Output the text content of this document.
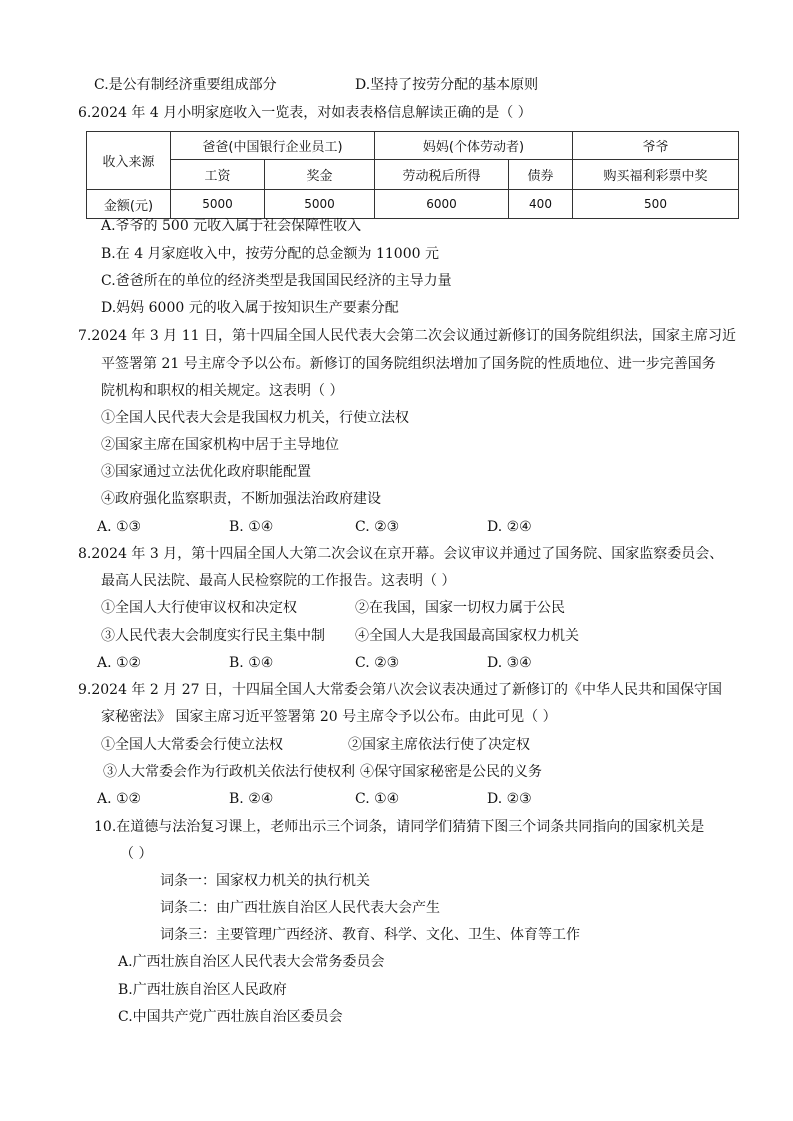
C.是公有制经济重要组成部分	D.坚持了按劳分配的基本原则
6.2024 年 4 月小明家庭收入一览表，对如表表格信息解读正确的是（ ）
收入来源	爸爸(中国银行企业员工)		妈妈(个体劳动者)		爷爷
	工资	奖金	劳动税后所得	债券	购买福利彩票中奖
金额(元)	5000	5000	6000	400	500
A.爷爷的 500 元收入属于社会保障性收入
B.在 4 月家庭收入中，按劳分配的总金额为 11000 元
C.爸爸所在的单位的经济类型是我国国民经济的主导力量
D.妈妈 6000 元的收入属于按知识生产要素分配
7.2024 年 3 月 11 日，第十四届全国人民代表大会第二次会议通过新修订的国务院组织法，国家主席习近
平签署第 21 号主席令予以公布。新修订的国务院组织法增加了国务院的性质地位、进一步完善国务
院机构和职权的相关规定。这表明（ ）
①全国人民代表大会是我国权力机关，行使立法权
②国家主席在国家机构中居于主导地位
③国家通过立法优化政府职能配置
④政府强化监察职责，不断加强法治政府建设
A. ①③	B. ①④	C. ②③	D. ②④
8.2024 年 3 月，第十四届全国人大第二次会议在京开幕。会议审议并通过了国务院、国家监察委员会、
最高人民法院、最高人民检察院的工作报告。这表明（ ）
①全国人大行使审议权和决定权	②在我国，国家一切权力属于公民
③人民代表大会制度实行民主集中制 ④全国人大是我国最高国家权力机关
A. ①②	B. ①④	C. ②③	D. ③④
9.2024 年 2 月 27 日，十四届全国人大常委会第八次会议表决通过了新修订的《中华人民共和国保守国
家秘密法》 国家主席习近平签署第 20 号主席令予以公布。由此可见（ ）
①全国人大常委会行使立法权	②国家主席依法行使了决定权
③人大常委会作为行政机关依法行使权利 ④保守国家秘密是公民的义务
A. ①②	B. ②④	C. ①④	D. ②③
10.在道德与法治复习课上，老师出示三个词条，请同学们猜猜下图三个词条共同指向的国家机关是
（ ）
词条一：国家权力机关的执行机关
词条二：由广西壮族自治区人民代表大会产生
词条三：主要管理广西经济、教育、科学、文化、卫生、体育等工作
A.广西壮族自治区人民代表大会常务委员会
B.广西壮族自治区人民政府
C.中国共产党广西壮族自治区委员会
